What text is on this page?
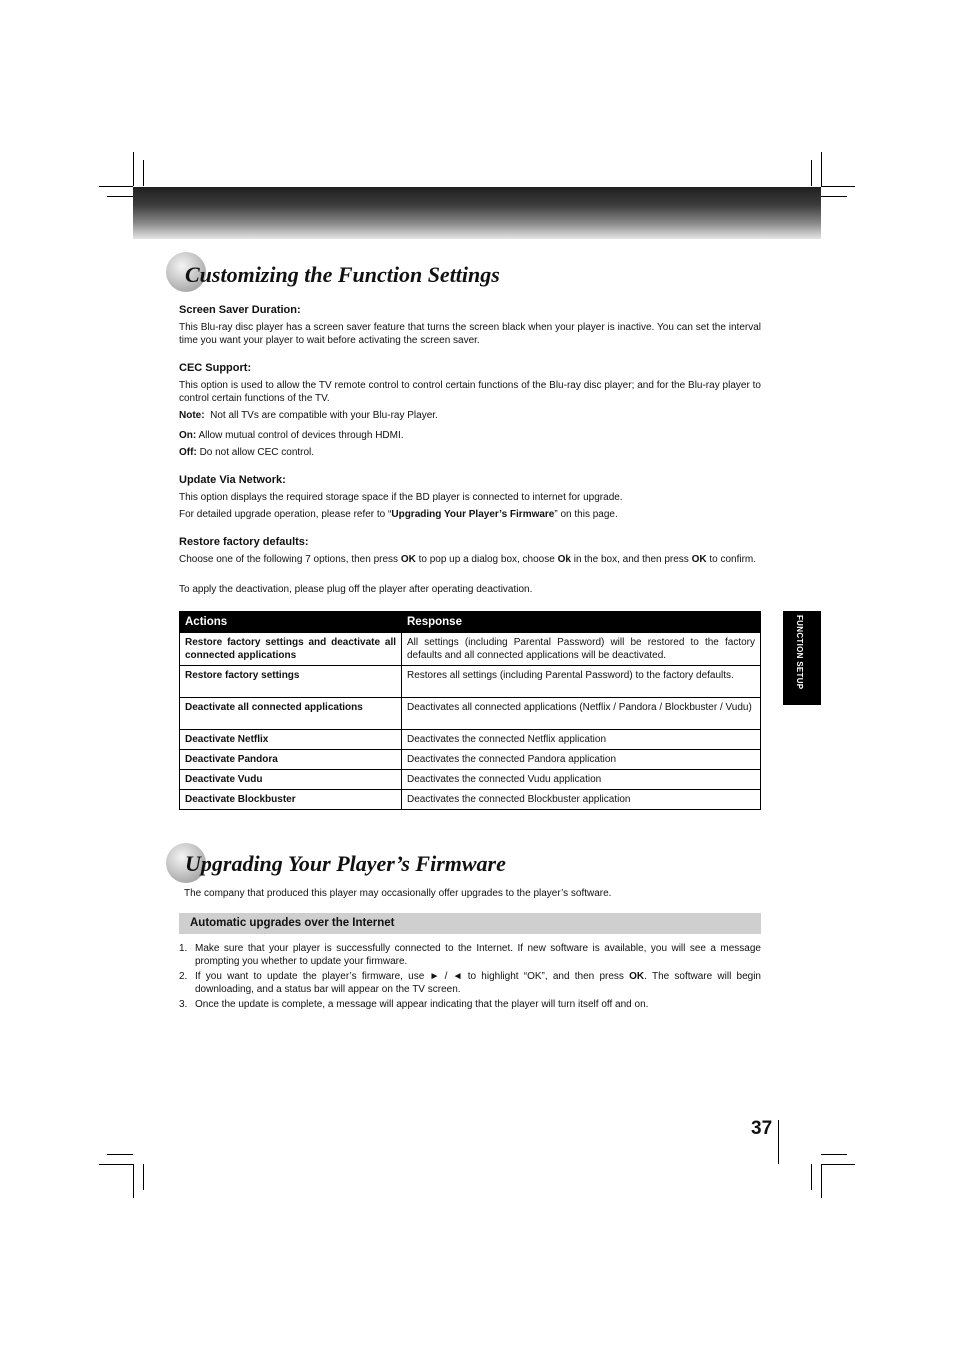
Customizing the Function Settings
Screen Saver Duration:
This Blu-ray disc player has a screen saver feature that turns the screen black when your player is inactive. You can set the interval time you want your player to wait before activating the screen saver.
CEC Support:
This option is used to allow the TV remote control to control certain functions of the Blu-ray disc player; and for the Blu-ray player to control certain functions of the TV.
Note: Not all TVs are compatible with your Blu-ray Player.
On: Allow mutual control of devices through HDMI.
Off: Do not allow CEC control.
Update Via Network:
This option displays the required storage space if the BD player is connected to internet for upgrade.
For detailed upgrade operation, please refer to “Upgrading Your Player’s Firmware” on this page.
Restore factory defaults:
Choose one of the following 7 options, then press OK to pop up a dialog box, choose Ok in the box, and then press OK to confirm.
To apply the deactivation, please plug off the player after operating deactivation.
Actions	Response
Restore factory settings and deactivate all connected applications	All settings (including Parental Password) will be restored to the factory defaults and all connected applications will be deactivated.
Restore factory settings	Restores all settings (including Parental Password) to the factory defaults.
Deactivate all connected applications	Deactivates all connected applications (Netflix / Pandora / Blockbuster / Vudu)
Deactivate Netflix	Deactivates the connected Netflix application
Deactivate Pandora	Deactivates the connected Pandora application
Deactivate Vudu	Deactivates the connected Vudu application
Deactivate Blockbuster	Deactivates the connected Blockbuster application
FUNCTION SETUP
Upgrading Your Player’s Firmware
The company that produced this player may occasionally offer upgrades to the player’s software.
Automatic upgrades over the Internet
1. Make sure that your player is successfully connected to the Internet. If new software is available, you will see a message prompting you whether to update your firmware.
2. If you want to update the player’s firmware, use ► / ◄ to highlight “OK”, and then press OK. The software will begin downloading, and a status bar will appear on the TV screen.
3. Once the update is complete, a message will appear indicating that the player will turn itself off and on.
37
